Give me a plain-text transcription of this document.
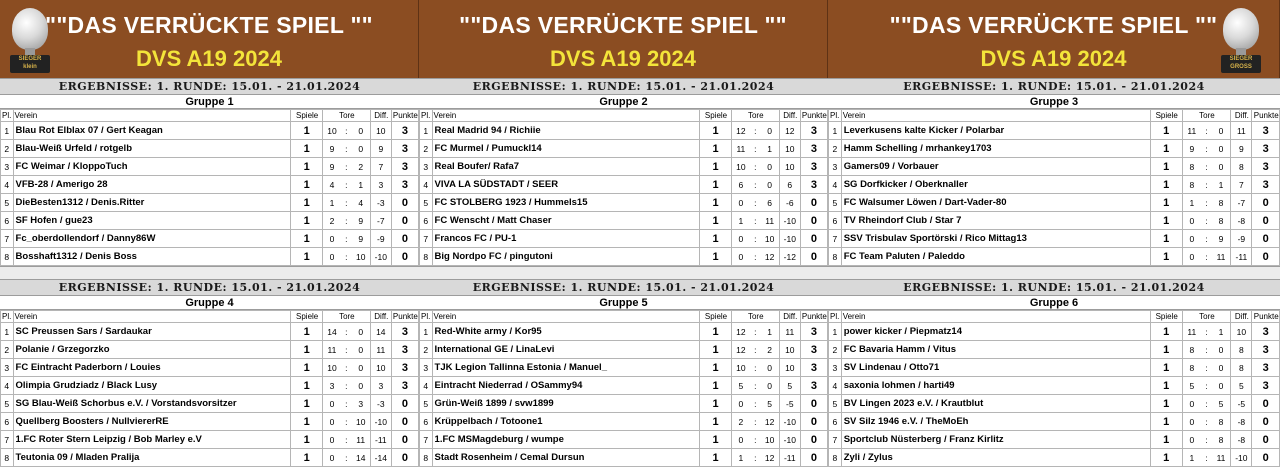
SIEGER
klein
""DAS VERRÜCKTE SPIEL ""
DVS A19 2024
ERGEBNISSE: 1. RUNDE: 15.01. - 21.01.2024
Gruppe 1
Pl.	Verein	Spiele	Tore			Diff.	Punkte
1	Blau Rot Elblax 07 / Gert Keagan	1	10	:	0	10	3
2	Blau-Weiß Urfeld / rotgelb	1	9	:	0	9	3
3	FC Weimar / KloppoTuch	1	9	:	2	7	3
4	VFB-28 / Amerigo 28	1	4	:	1	3	3
5	DieBesten1312 / Denis.Ritter	1	1	:	4	-3	0
6	SF Hofen / gue23	1	2	:	9	-7	0
7	Fc_oberdollendorf / Danny86W	1	0	:	9	-9	0
8	Bosshaft1312 / Denis Boss	1	0	:	10	-10	0
ERGEBNISSE: 1. RUNDE: 15.01. - 21.01.2024
Gruppe 4
Pl.	Verein	Spiele	Tore			Diff.	Punkte
1	SC Preussen Sars / Sardaukar	1	14	:	0	14	3
2	Polanie / Grzegorzko	1	11	:	0	11	3
3	FC Eintracht Paderborn / Louies	1	10	:	0	10	3
4	Olimpia Grudziadz / Black Lusy	1	3	:	0	3	3
5	SG Blau-Weiß Schorbus e.V. / Vorstandsvorsitzer	1	0	:	3	-3	0
6	Quellberg Boosters / NullviererRE	1	0	:	10	-10	0
7	1.FC Roter Stern Leipzig / Bob Marley e.V	1	0	:	11	-11	0
8	Teutonia 09 / Mladen Pralija	1	0	:	14	-14	0
""DAS VERRÜCKTE SPIEL ""
DVS A19 2024
ERGEBNISSE: 1. RUNDE: 15.01. - 21.01.2024
Gruppe 2
Pl.	Verein	Spiele	Tore			Diff.	Punkte
1	Real Madrid 94 / Richiie	1	12	:	0	12	3
2	FC Murmel / Pumuckl14	1	11	:	1	10	3
3	Real Boufer/ Rafa7	1	10	:	0	10	3
4	VIVA LA SÜDSTADT / SEER	1	6	:	0	6	3
5	FC STOLBERG 1923 / Hummels15	1	0	:	6	-6	0
6	FC Wenscht / Matt Chaser	1	1	:	11	-10	0
7	Francos FC / PU-1	1	0	:	10	-10	0
8	Big Nordpo FC / pingutoni	1	0	:	12	-12	0
ERGEBNISSE: 1. RUNDE: 15.01. - 21.01.2024
Gruppe 5
Pl.	Verein	Spiele	Tore			Diff.	Punkte
1	Red-White army / Kor95	1	12	:	1	11	3
2	International GE / LinaLevi	1	12	:	2	10	3
3	TJK Legion Tallinna Estonia / Manuel_	1	10	:	0	10	3
4	Eintracht Niederrad / OSammy94	1	5	:	0	5	3
5	Grün-Weiß 1899 / svw1899	1	0	:	5	-5	0
6	Krüppelbach / Totoone1	1	2	:	12	-10	0
7	1.FC MSMagdeburg / wumpe	1	0	:	10	-10	0
8	Stadt Rosenheim / Cemal Dursun	1	1	:	12	-11	0
SIEGER
GROSS
""DAS VERRÜCKTE SPIEL ""
DVS A19 2024
ERGEBNISSE: 1. RUNDE: 15.01. - 21.01.2024
Gruppe 3
Pl.	Verein	Spiele	Tore			Diff.	Punkte
1	Leverkusens kalte Kicker / Polarbar	1	11	:	0	11	3
2	Hamm Schelling / mrhankey1703	1	9	:	0	9	3
3	Gamers09 / Vorbauer	1	8	:	0	8	3
4	SG Dorfkicker / Oberknaller	1	8	:	1	7	3
5	FC Walsumer Löwen / Dart-Vader-80	1	1	:	8	-7	0
6	TV Rheindorf Club / Star 7	1	0	:	8	-8	0
7	SSV Trisbulav Sportörski / Rico Mittag13	1	0	:	9	-9	0
8	FC Team Paluten / Paleddo	1	0	:	11	-11	0
ERGEBNISSE: 1. RUNDE: 15.01. - 21.01.2024
Gruppe 6
Pl.	Verein	Spiele	Tore			Diff.	Punkte
1	power kicker / Piepmatz14	1	11	:	1	10	3
2	FC Bavaria Hamm / Vitus	1	8	:	0	8	3
3	SV Lindenau / Otto71	1	8	:	0	8	3
4	saxonia lohmen / harti49	1	5	:	0	5	3
5	BV Lingen 2023 e.V. / Krautblut	1	0	:	5	-5	0
6	SV Silz 1946 e.V. / TheMoEh	1	0	:	8	-8	0
7	Sportclub Nüsterberg / Franz Kirlitz	1	0	:	8	-8	0
8	Zyli / Zylus	1	1	:	11	-10	0
